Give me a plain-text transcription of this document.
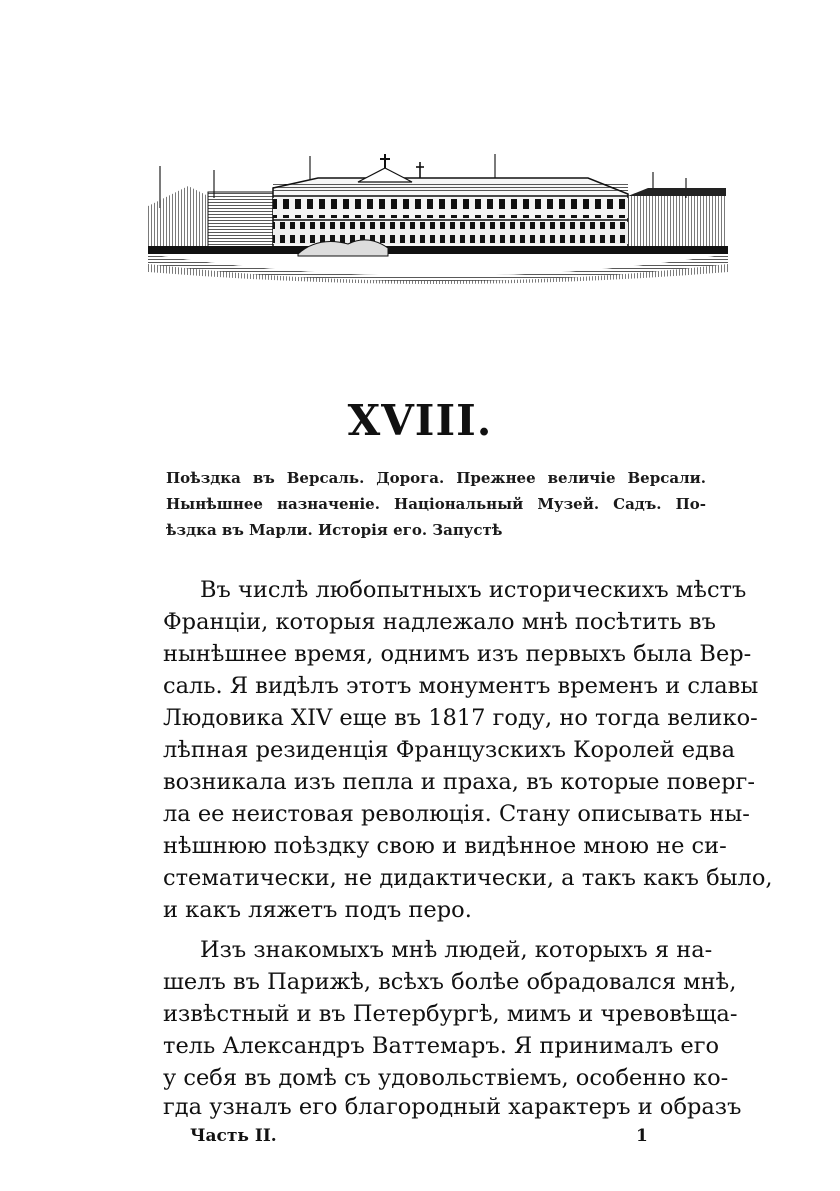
XVIII.
Поѣздка въ Версаль. Дорога. Прежнее величіе Версали.
Нынѣшнее назначеніе. Національный Музей. Садъ. По-
ѣздка въ Марли. Исторія его. Запустѣ
Въ числѣ любопытныхъ историческихъ мѣстъ
Франціи, которыя надлежало мнѣ посѣтить въ
нынѣшнее время, однимъ изъ первыхъ была Вер-
саль. Я видѣлъ этотъ монументъ временъ и славы
Людовика XIV еще въ 1817 году, но тогда велико-
лѣпная резиденція Французскихъ Королей едва
возникала изъ пепла и праха, въ которые поверг-
ла ее неистовая революція. Стану описывать ны-
нѣшнюю поѣздку свою и видѣнное мною не си-
стематически, не дидактически, а такъ какъ было,
и какъ ляжетъ подъ перо.
Изъ знакомыхъ мнѣ людей, которыхъ я на-
шелъ въ Парижѣ, всѣхъ болѣе обрадовался мнѣ,
извѣстный и въ Петербургѣ, мимъ и чревовѣща-
тель Александръ Ваттемаръ. Я принималъ его
у себя въ домѣ съ удовольствіемъ, особенно ко-
гда узналъ его благородный характеръ и образъ
Часть II.	1
